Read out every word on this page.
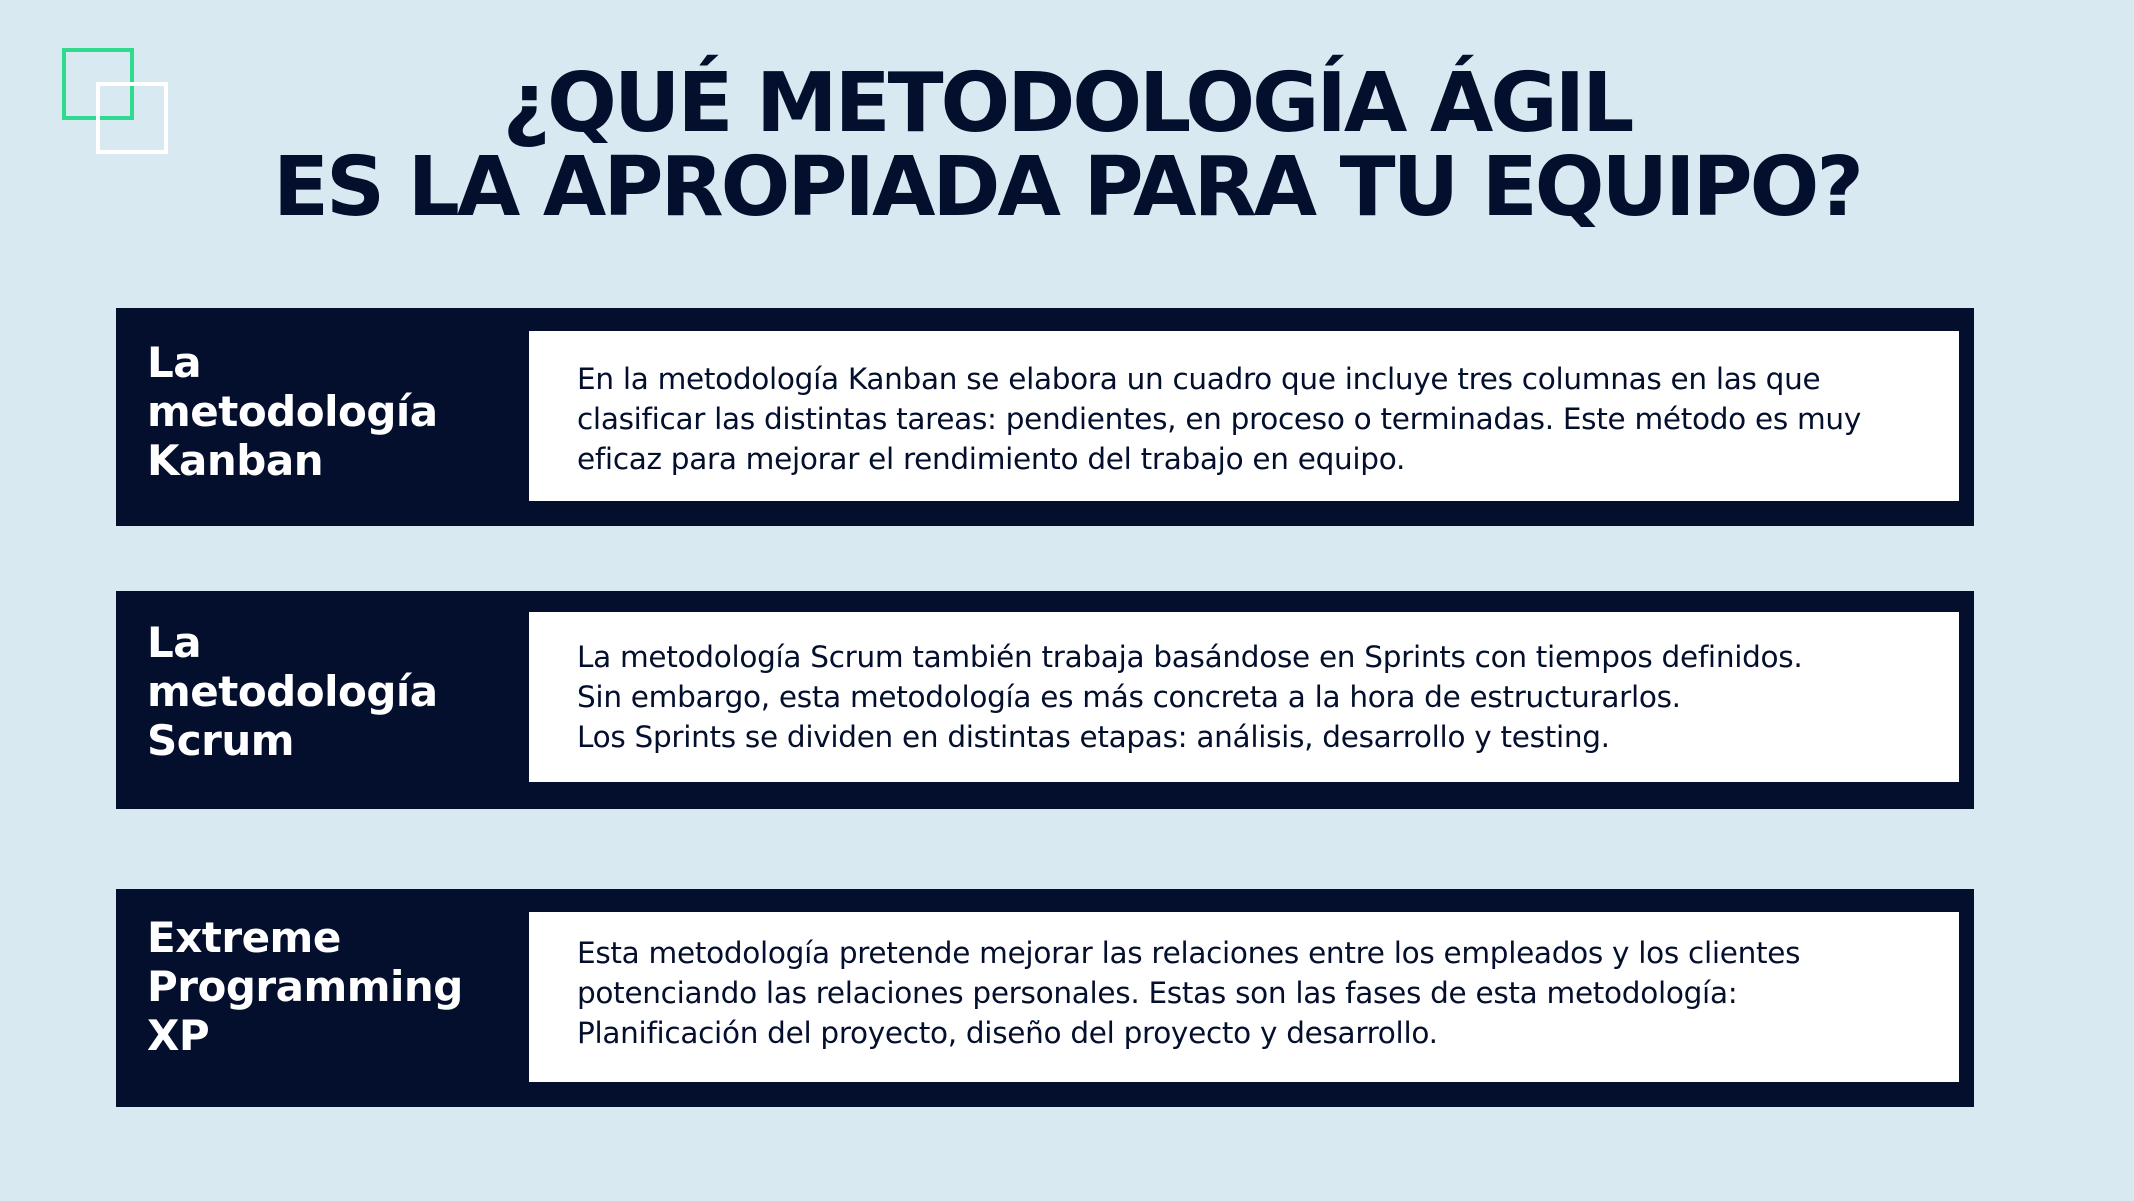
¿QUÉ METODOLOGÍA ÁGIL
ES LA APROPIADA PARA TU EQUIPO?
La metodología
Kanban
En la metodología Kanban se elabora un cuadro que incluye tres columnas en las que
clasificar las distintas tareas: pendientes, en proceso o terminadas. Este método es muy
eficaz para mejorar el rendimiento del trabajo en equipo.
La metodología
Scrum
La metodología Scrum también trabaja basándose en Sprints con tiempos definidos.
Sin embargo, esta metodología es más concreta a la hora de estructurarlos.
Los Sprints se dividen en distintas etapas: análisis, desarrollo y testing.
Extreme
Programming
XP
Esta metodología pretende mejorar las relaciones entre los empleados y los clientes
potenciando las relaciones personales. Estas son las fases de esta metodología:
Planificación del proyecto, diseño del proyecto y desarrollo.
